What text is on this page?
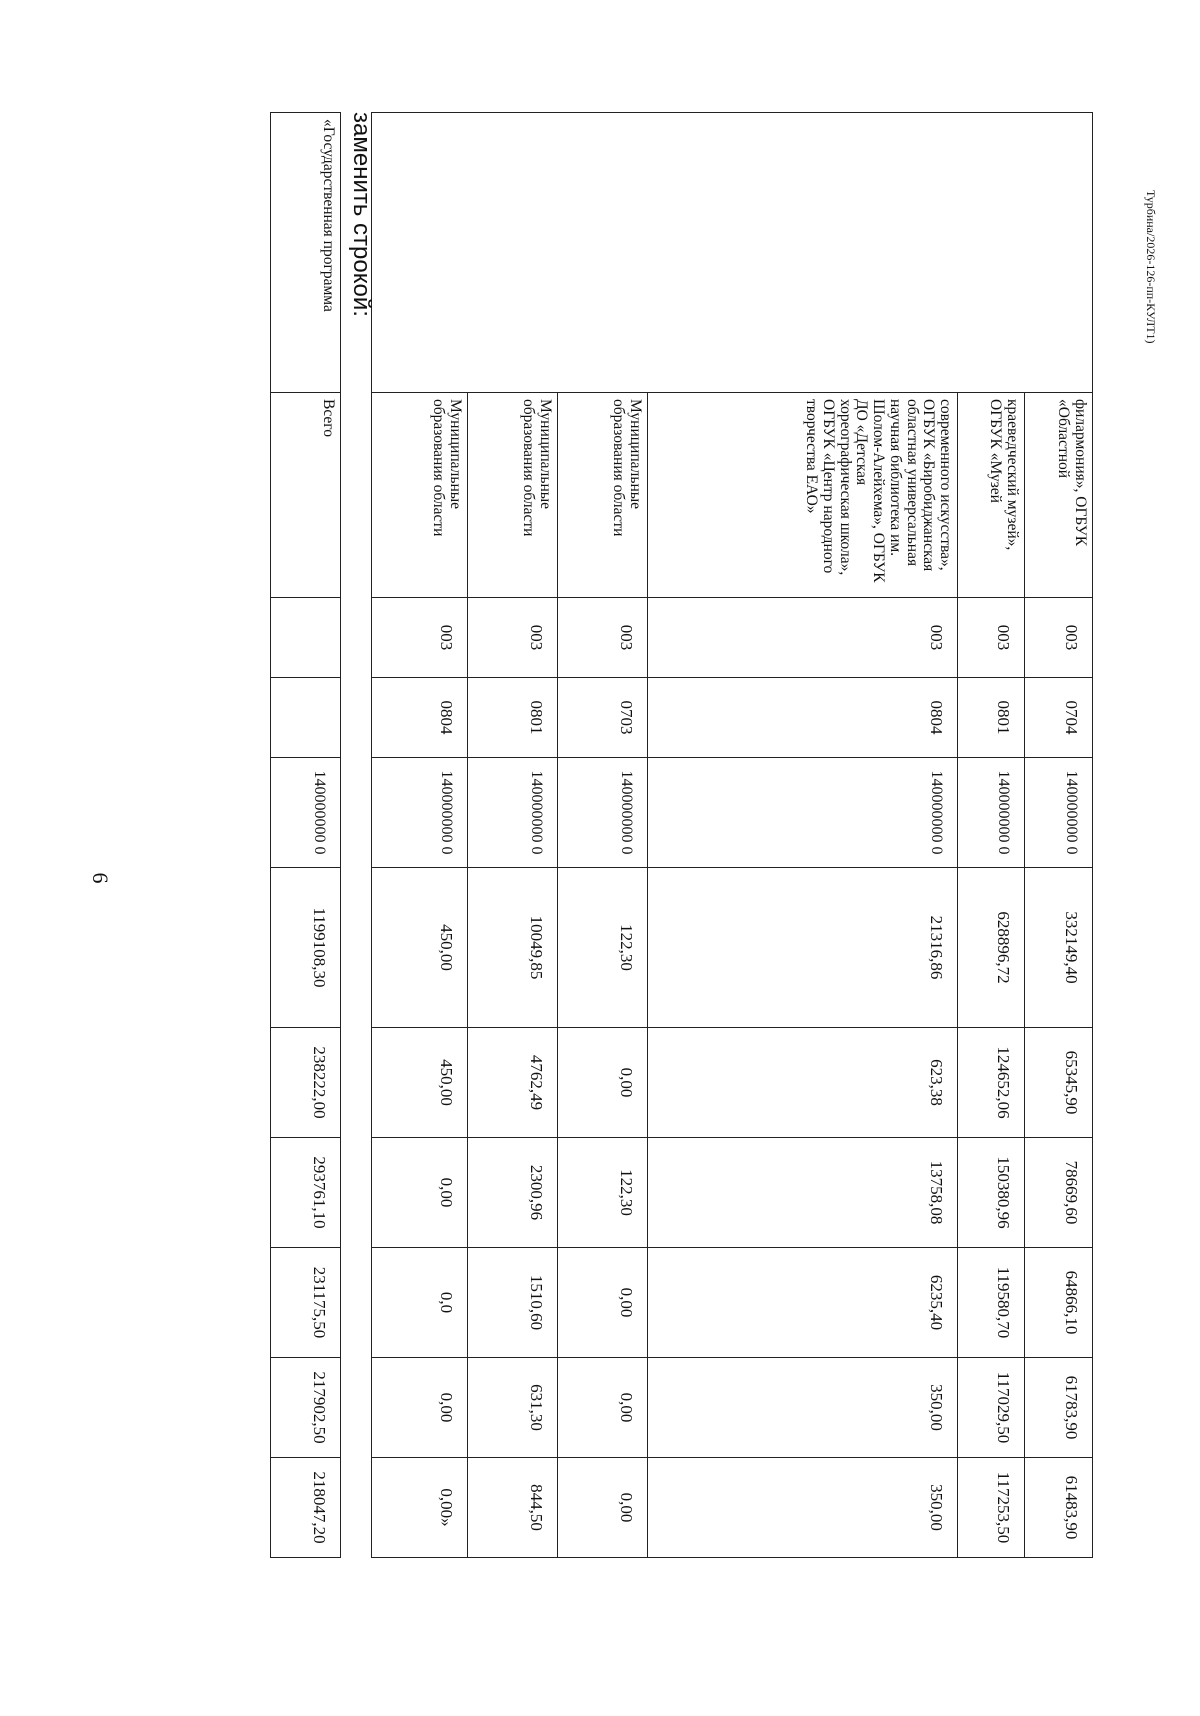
6
	филармония», ОГБУК «Областной	003	0704	140000000 0	332149,40	65345,90	78669,60	64866,10	61783,90	61483,90
	краеведческий музей», ОГБУК «Музей	003	0801	140000000 0	628896,72	124652,06	150380,96	119580,70	117029,50	117253,50
	современного искусства», ОГБУК «Биробиджанская областная универсальная научная библиотека им. Шолом-Алейхема», ОГБУК ДО «Детская хореографическая школа», ОГБУК «Центр народного творчества ЕАО»	003	0804	140000000 0	21316,86	623,38	13758,08	6235,40	350,00	350,00
	Муниципальные образования области	003	0703	140000000 0	122,30	0,00	122,30	0,00	0,00	0,00
	Муниципальные образования области	003	0801	140000000 0	10049,85	4762,49	2300,96	1510,60	631,30	844,50
	Муниципальные образования области	003	0804	140000000 0	450,00	450,00	0,00	0,0	0,00	0,00»
заменить строкой:
«Государственная программа	Всего			140000000 0	1199108,30	238222,00	293761,10	231175,50	217902,50	218047,20
Турбина/2026-126-пп-КУЛТ1)
